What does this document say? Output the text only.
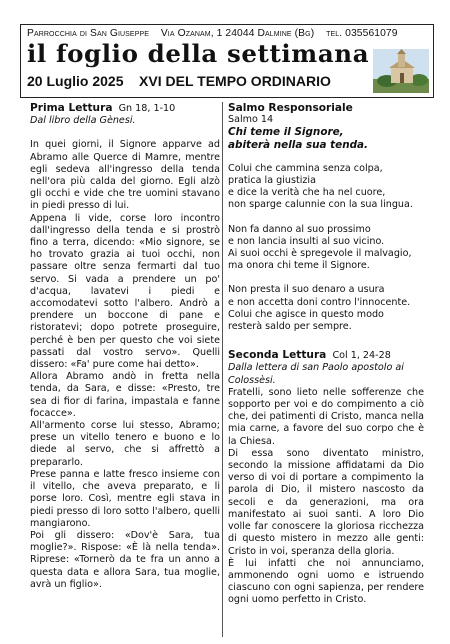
Parrocchia di San Giuseppe Via Ozanam, 1 24044 Dalmine (Bg) tel. 035561079
il foglio della settimana
20 Luglio 2025 XVI DEL TEMPO ORDINARIO
Prima Lettura Gn 18, 1-10
Dal libro della Gènesi.

In quei giorni, il Signore apparve ad Abramo alle Querce di Mamre, mentre egli sedeva all'ingresso della tenda nell'ora più calda del giorno. Egli alzò gli occhi e vide che tre uomini stavano in piedi presso di lui.

Appena li vide, corse loro incontro dall'ingresso della tenda e si prostrò fino a terra, dicendo: «Mio signore, se ho trovato grazia ai tuoi occhi, non passare oltre senza fermarti dal tuo servo. Si vada a prendere un po' d'acqua, lavatevi i piedi e accomodatevi sotto l'albero. Andrò a prendere un boccone di pane e ristoratevi; dopo potrete proseguire, perché è ben per questo che voi siete passati dal vostro servo». Quelli dissero: «Fa' pure come hai detto».

Allora Abramo andò in fretta nella tenda, da Sara, e disse: «Presto, tre sea di fior di farina, impastala e fanne focacce».

All'armento corse lui stesso, Abramo; prese un vitello tenero e buono e lo diede al servo, che si affrettò a prepararlo.

Prese panna e latte fresco insieme con il vitello, che aveva preparato, e li porse loro. Così, mentre egli stava in piedi presso di loro sotto l'albero, quelli mangiarono.

Poi gli dissero: «Dov'è Sara, tua moglie?». Rispose: «È là nella tenda». Riprese: «Tornerò da te fra un anno a questa data e allora Sara, tua moglie, avrà un figlio».

Salmo Responsoriale
Salmo 14
Chi teme il Signore,
abiterà nella sua tenda.
Colui che cammina senza colpa,
pratica la giustizia
e dice la verità che ha nel cuore,
non sparge calunnie con la sua lingua.
Non fa danno al suo prossimo
e non lancia insulti al suo vicino.
Ai suoi occhi è spregevole il malvagio,
ma onora chi teme il Signore.
Non presta il suo denaro a usura
e non accetta doni contro l'innocente.
Colui che agisce in questo modo
resterà saldo per sempre.
Seconda Lettura Col 1, 24-28
Dalla lettera di san Paolo apostolo ai Colossèsi.

Fratelli, sono lieto nelle sofferenze che sopporto per voi e do compimento a ciò che, dei patimenti di Cristo, manca nella mia carne, a favore del suo corpo che è la Chiesa.

Di essa sono diventato ministro, secondo la missione affidatami da Dio verso di voi di portare a compimento la parola di Dio, il mistero nascosto da secoli e da generazioni, ma ora manifestato ai suoi santi. A loro Dio volle far conoscere la gloriosa ricchezza di questo mistero in mezzo alle genti: Cristo in voi, speranza della gloria.

È lui infatti che noi annunciamo, ammonendo ogni uomo e istruendo ciascuno con ogni sapienza, per rendere ogni uomo perfetto in Cristo.
